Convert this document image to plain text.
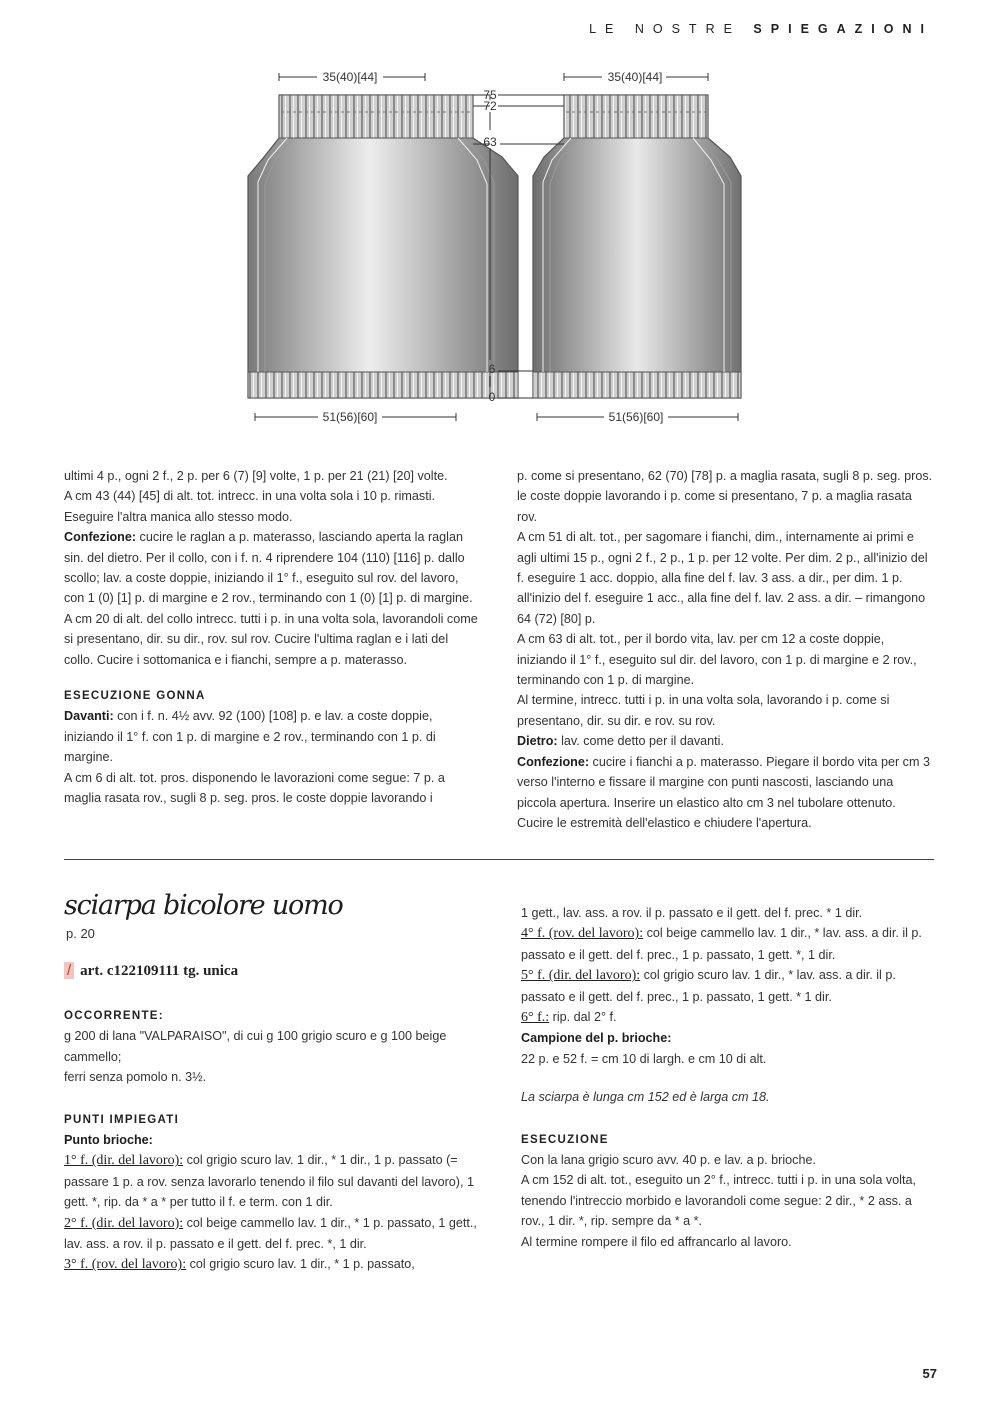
LE NOSTRE SPIEGAZIONI
35(40)[44]	35(40)[44]
51(56)[60]	51(56)[60]
75
72
63
6
0

ultimi 4 p., ogni 2 f., 2 p. per 6 (7) [9] volte, 1 p. per 21 (21) [20] volte.

A cm 43 (44) [45] di alt. tot. intrecc. in una volta sola i 10 p. rimasti.

Eseguire l'altra manica allo stesso modo.

Confezione: cucire le raglan a p. materasso, lasciando aperta la raglan sin. del dietro. Per il collo, con i f. n. 4 riprendere 104 (110) [116] p. dallo scollo; lav. a coste doppie, iniziando il 1° f., eseguito sul rov. del lavoro, con 1 (0) [1] p. di margine e 2 rov., terminando con 1 (0) [1] p. di margine.

A cm 20 di alt. del collo intrecc. tutti i p. in una volta sola, lavorandoli come si presentano, dir. su dir., rov. sul rov. Cucire l'ultima raglan e i lati del collo. Cucire i sottomanica e i fianchi, sempre a p. materasso.

ESECUZIONE GONNA

Davanti: con i f. n. 4½ avv. 92 (100) [108] p. e lav. a coste doppie, iniziando il 1° f. con 1 p. di margine e 2 rov., terminando con 1 p. di margine.

A cm 6 di alt. tot. pros. disponendo le lavorazioni come segue: 7 p. a maglia rasata rov., sugli 8 p. seg. pros. le coste doppie lavorando i

p. come si presentano, 62 (70) [78] p. a maglia rasata, sugli 8 p. seg. pros. le coste doppie lavorando i p. come si presentano, 7 p. a maglia rasata rov.

A cm 51 di alt. tot., per sagomare i fianchi, dim., internamente ai primi e agli ultimi 15 p., ogni 2 f., 2 p., 1 p. per 12 volte. Per dim. 2 p., all'inizio del f. eseguire 1 acc. doppio, alla fine del f. lav. 3 ass. a dir., per dim. 1 p. all'inizio del f. eseguire 1 acc., alla fine del f. lav. 2 ass. a dir. – rimangono 64 (72) [80] p.

A cm 63 di alt. tot., per il bordo vita, lav. per cm 12 a coste doppie, iniziando il 1° f., eseguito sul dir. del lavoro, con 1 p. di margine e 2 rov., terminando con 1 p. di margine.

Al termine, intrecc. tutti i p. in una volta sola, lavorando i p. come si presentano, dir. su dir. e rov. su rov.

Dietro: lav. come detto per il davanti.

Confezione: cucire i fianchi a p. materasso. Piegare il bordo vita per cm 3 verso l'interno e fissare il margine con punti nascosti, lasciando una piccola apertura. Inserire un elastico alto cm 3 nel tubolare ottenuto. Cucire le estremità dell'elastico e chiudere l'apertura.

sciarpa bicolore uomo
p. 20
/ art. c122109111 tg. unica

OCCORRENTE:

g 200 di lana "VALPARAISO", di cui g 100 grigio scuro e g 100 beige cammello;

ferri senza pomolo n. 3½.

PUNTI IMPIEGATI

Punto brioche:

1° f. (dir. del lavoro): col grigio scuro lav. 1 dir., * 1 dir., 1 p. passato (= passare 1 p. a rov. senza lavorarlo tenendo il filo sul davanti del lavoro), 1 gett. *, rip. da * a * per tutto il f. e term. con 1 dir.

2° f. (dir. del lavoro): col beige cammello lav. 1 dir., * 1 p. passato, 1 gett., lav. ass. a rov. il p. passato e il gett. del f. prec. *, 1 dir.

3° f. (rov. del lavoro): col grigio scuro lav. 1 dir., * 1 p. passato,

1 gett., lav. ass. a rov. il p. passato e il gett. del f. prec. * 1 dir.

4° f. (rov. del lavoro): col beige cammello lav. 1 dir., * lav. ass. a dir. il p. passato e il gett. del f. prec., 1 p. passato, 1 gett. *, 1 dir.

5° f. (dir. del lavoro): col grigio scuro lav. 1 dir., * lav. ass. a dir. il p. passato e il gett. del f. prec., 1 p. passato, 1 gett. * 1 dir.

6° f.: rip. dal 2° f.

Campione del p. brioche:

22 p. e 52 f. = cm 10 di largh. e cm 10 di alt.

La sciarpa è lunga cm 152 ed è larga cm 18.

ESECUZIONE

Con la lana grigio scuro avv. 40 p. e lav. a p. brioche.

A cm 152 di alt. tot., eseguito un 2° f., intrecc. tutti i p. in una sola volta, tenendo l'intreccio morbido e lavorandoli come segue: 2 dir., * 2 ass. a rov., 1 dir. *, rip. sempre da * a *.

Al termine rompere il filo ed affrancarlo al lavoro.

57
